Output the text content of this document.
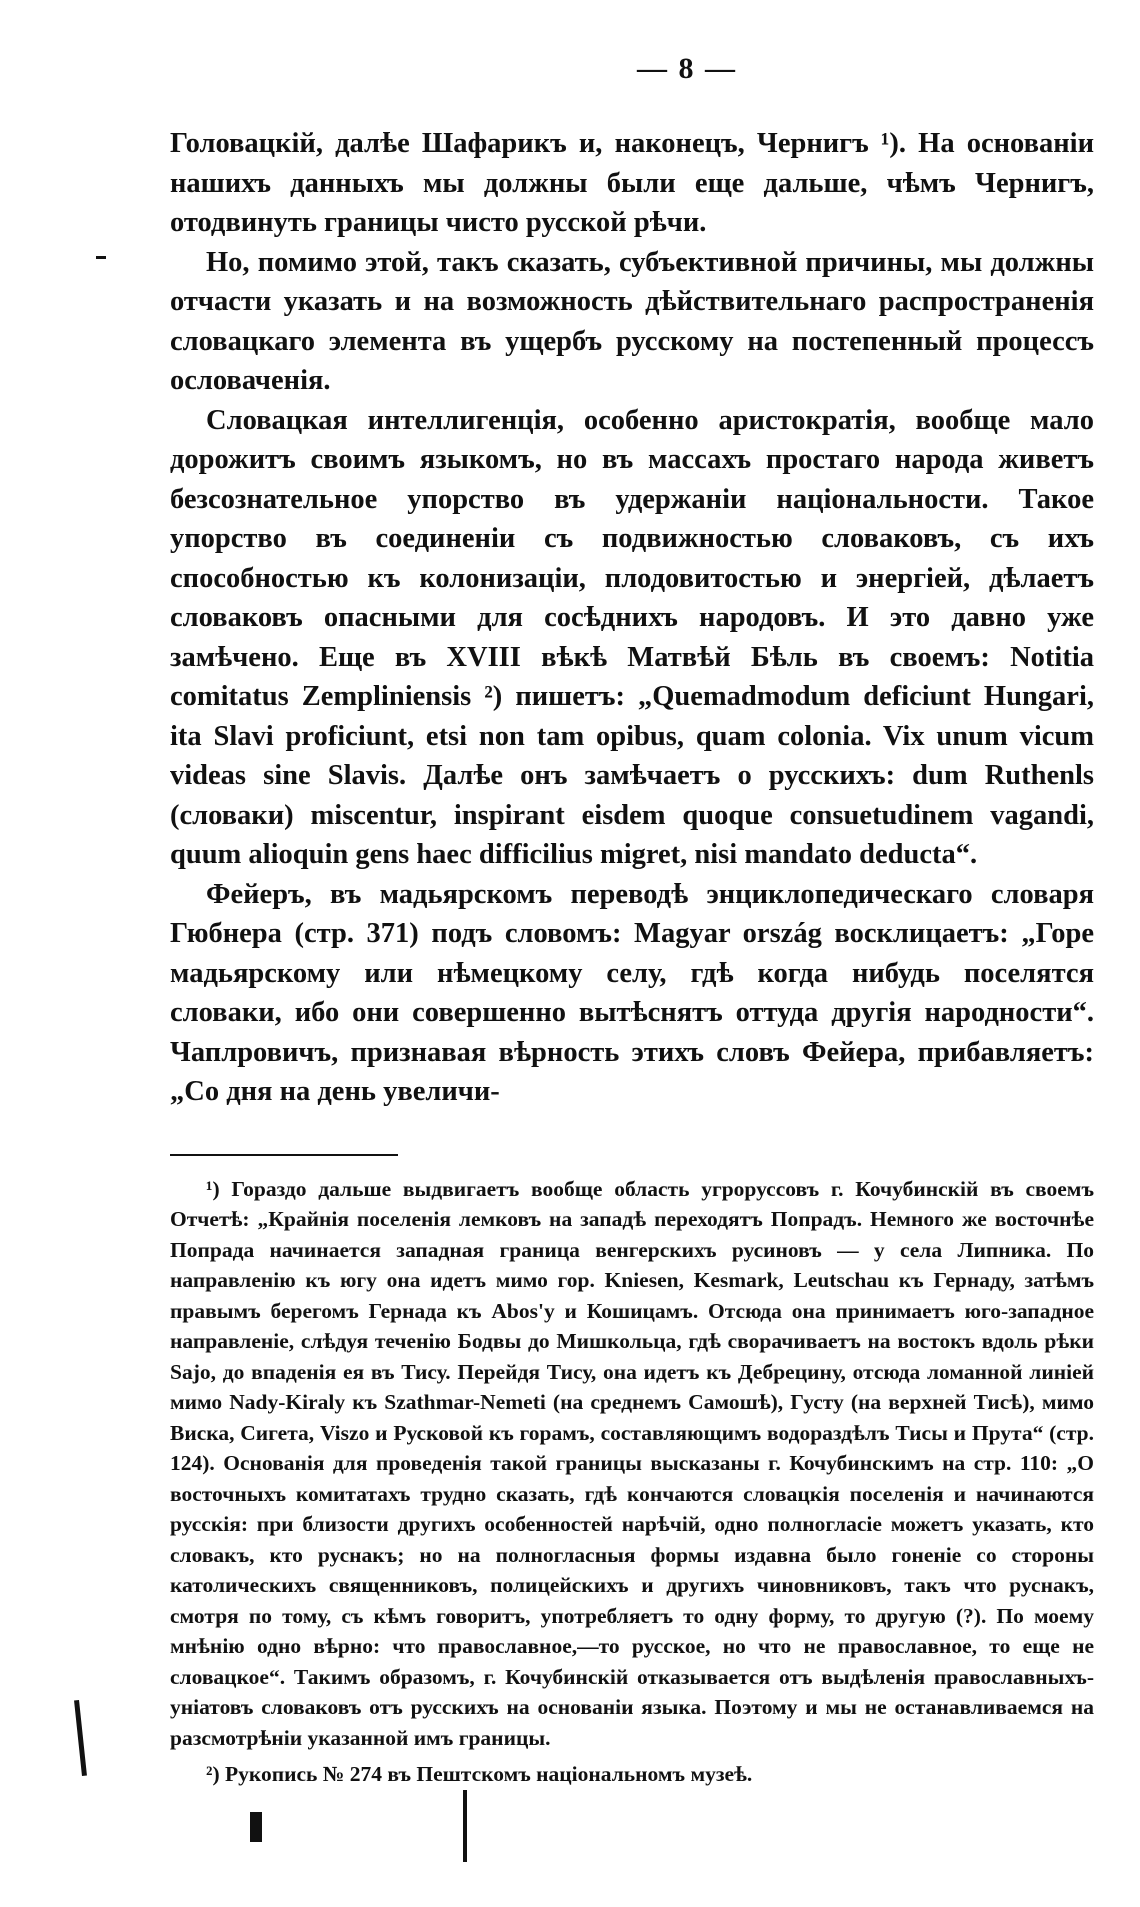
— 8 —

Головацкій, далѣе Шафарикъ и, наконецъ, Чернигъ ¹). На основаніи нашихъ данныхъ мы должны были еще дальше, чѣмъ Чернигъ, отодвинуть границы чисто русской рѣчи.

Но, помимо этой, такъ сказать, субъективной причины, мы должны отчасти указать и на возможность дѣйствительнаго распространенія словацкаго элемента въ ущербъ русскому на постепенный процессъ ословаченія.

Словацкая интеллигенція, особенно аристократія, вообще мало дорожитъ своимъ языкомъ, но въ массахъ простаго народа живетъ безсознательное упорство въ удержаніи національности. Такое упорство въ соединеніи съ подвижностью словаковъ, съ ихъ способностью къ колонизаціи, плодовитостью и энергіей, дѣлаетъ словаковъ опасными для сосѣднихъ народовъ. И это давно уже замѣчено. Еще въ XVIII вѣкѣ Матвѣй Бѣль въ своемъ: Notitia comitatus Zempliniensis ²) пишетъ: „Quemadmodum deficiunt Hungari, ita Slavi proficiunt, etsi non tam opibus, quam colonia. Vix unum vicum videas sine Slavis. Далѣе онъ замѣчаетъ о русскихъ: dum Ruthenls (словаки) miscentur, inspirant eisdem quoque consuetudinem vagandi, quum alioquin gens haec difficilius migret, nisi mandato deducta“.

Фейеръ, въ мадьярскомъ переводѣ энциклопедическаго словаря Гюбнера (стр. 371) подъ словомъ: Magyar ország восклицаетъ: „Горе мадьярскому или нѣмецкому селу, гдѣ когда нибудь поселятся словаки, ибо они совершенно вытѣснятъ оттуда другія народности“. Чаплровичъ, признавая вѣрность этихъ словъ Фейера, прибавляетъ: „Со дня на день увеличи-

¹) Гораздо дальше выдвигаетъ вообще область угроруссовъ г. Кочубинскій въ своемъ Отчетѣ: „Крайнія поселенія лемковъ на западѣ переходятъ Попрадъ. Немного же восточнѣе Попрада начинается западная граница венгерскихъ русиновъ — у села Липника. По направленію къ югу она идетъ мимо гор. Kniesen, Kesmark, Leutschau къ Гернаду, затѣмъ правымъ берегомъ Гернада къ Abos'у и Кошицамъ. Отсюда она принимаетъ юго-западное направленіе, слѣдуя теченію Бодвы до Мишкольца, гдѣ сворачиваетъ на востокъ вдоль рѣки Sajo, до впаденія ея въ Тису. Перейдя Тису, она идетъ къ Дебрецину, отсюда ломанной линіей мимо Nady-Kiraly къ Szathmar-Nemeti (на среднемъ Самошѣ), Густу (на верхней Тисѣ), мимо Виска, Сигета, Viszo и Русковой къ горамъ, составляющимъ водораздѣлъ Тисы и Прута“ (стр. 124). Основанія для проведенія такой границы высказаны г. Кочубинскимъ на стр. 110: „О восточныхъ комитатахъ трудно сказать, гдѣ кончаются словацкія поселенія и начинаются русскія: при близости другихъ особенностей нарѣчій, одно полногласіе можетъ указать, кто словакъ, кто руснакъ; но на полногласныя формы издавна было гоненіе со стороны католическихъ священниковъ, полицейскихъ и другихъ чиновниковъ, такъ что руснакъ, смотря по тому, съ кѣмъ говоритъ, употребляетъ то одну форму, то другую (?). По моему мнѣнію одно вѣрно: что православное,—то русское, но что не православное, то еще не словацкое“. Такимъ образомъ, г. Кочубинскій отказывается отъ выдѣленія православныхъ-уніатовъ словаковъ отъ русскихъ на основаніи языка. Поэтому и мы не останавливаемся на разсмотрѣніи указанной имъ границы.

²) Рукопись № 274 въ Пештскомъ національномъ музеѣ.
